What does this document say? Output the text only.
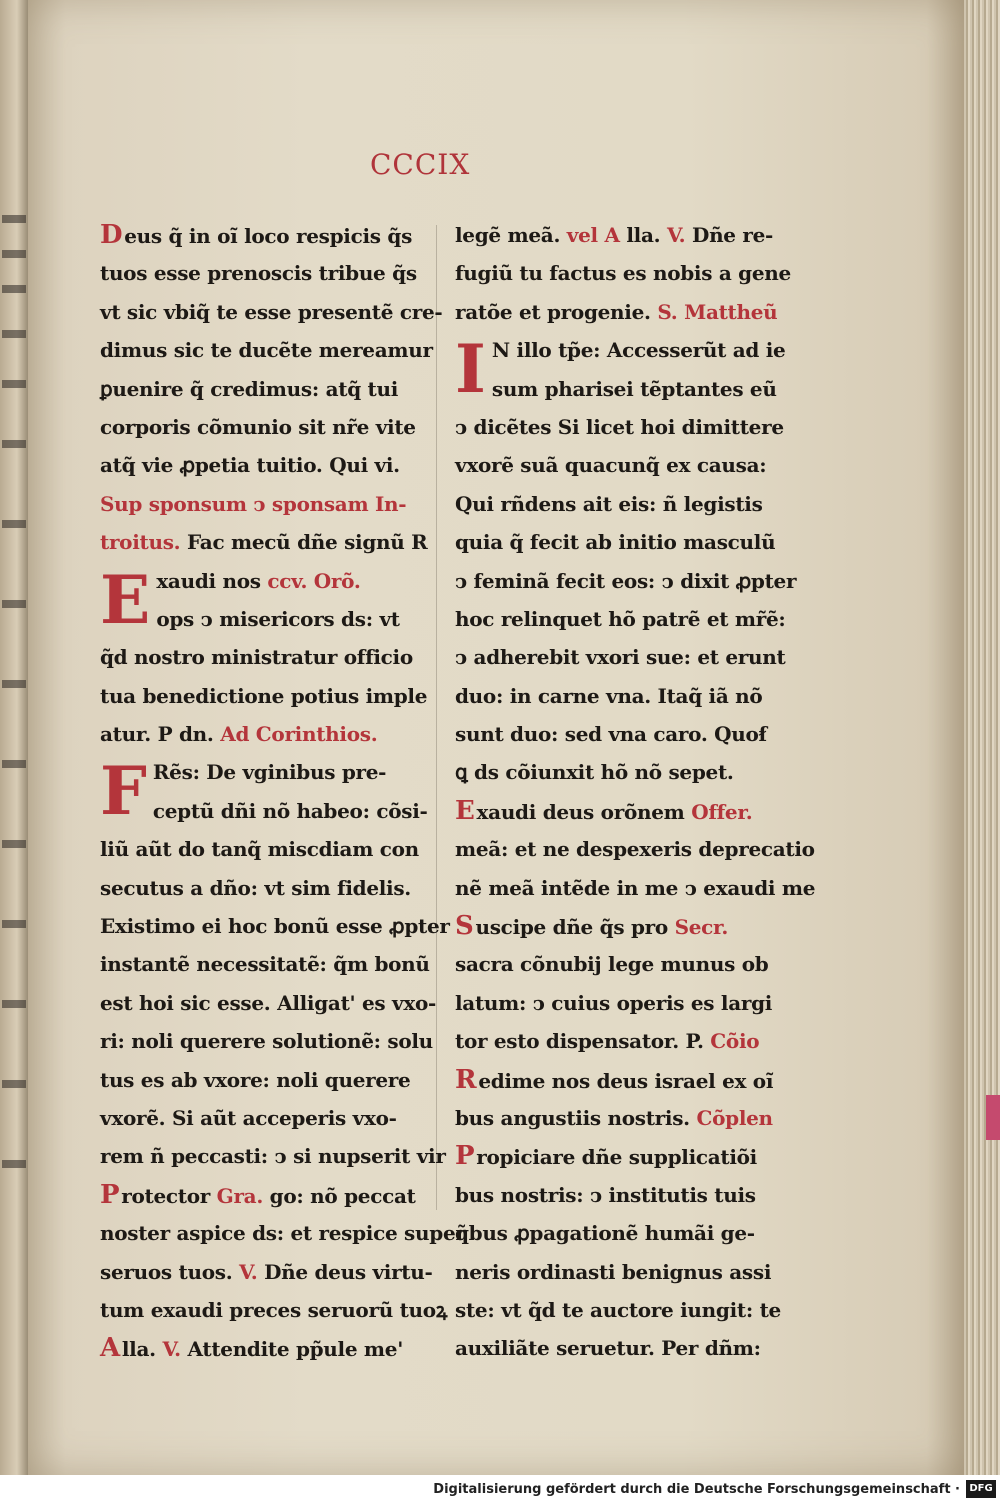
CCCIX
D eus q̃ in oĩ loco respicis q̃s
tuos esse prenoscis tribue q̃s
vt sic vbiq̃ te esse presentẽ cre-
dimus sic te ducẽte mereamur
ꝑuenire q̃ credimus: atq̃ tui
corporis cõmunio sit nr̃e vite
atq̃ vie ꝓpetia tuitio. Qui vi.
Sup sponsum ↄ sponsam In-
troitus. Fac mecũ dñe signũ R
E xaudi nos ccv. Orõ.
ops ↄ misericors ds: vt
q̃d nostro ministratur officio
tua benedictione potius imple
atur. P dn. Ad Corinthios.
F Rẽs: De vginibus pre-
ceptũ dñi nõ habeo: cõsi-
liũ aũt do tanq̃ miscdiam con
secutus a dño: vt sim fidelis.
Existimo ei hoc bonũ esse ꝓpter
instantẽ necessitatẽ: q̃m bonũ
est hoi sic esse. Alligat' es vxo-
ri: noli querere solutionẽ: solu
tus es ab vxore: noli querere
vxorẽ. Si aũt acceperis vxo-
rem ñ peccasti: ↄ si nupserit vir
P rotector Gra. go: nõ peccat
noster aspice ds: et respice super
seruos tuos. V. Dñe deus virtu-
tum exaudi preces seruorũ tuoꝝ
A lla. V. Attendite pp̃ule me'
legẽ meã. vel A lla. V. Dñe re-
fugiũ tu factus es nobis a gene
ratõe et progenie. S. Mattheũ
I N illo tp̃e: Accesserũt ad ie
sum pharisei tẽptantes eũ
ↄ dicẽtes Si licet hoi dimittere
vxorẽ suã quacunq̃ ex causa:
Qui rñdens ait eis: ñ legistis
quia q̃ fecit ab initio masculũ
ↄ feminã fecit eos: ↄ dixit ꝓpter
hoc relinquet hõ patrẽ et mr̃ẽ:
ↄ adherebit vxori sue: et erunt
duo: in carne vna. Itaq̃ iã nõ
sunt duo: sed vna caro. Quoẜ
ꝗ ds cõiunxit hõ nõ sepet.
E xaudi deus orõnem Offer.
meã: et ne despexeris deprecatio
nẽ meã intẽde in me ↄ exaudi me
S uscipe dñe q̃s pro Secr.
sacra cõnubij lege munus ob
latum: ↄ cuius operis es largi
tor esto dispensator. P. Cõio
R edime nos deus israel ex oĩ
bus angustiis nostris. Cõplen
P ropiciare dñe supplicatiõi
bus nostris: ↄ institutis tuis
q̃bus ꝓpagationẽ humãi ge-
neris ordinasti benignus assi
ste: vt q̃d te auctore iungit: te
auxiliãte seruetur. Per dñm:
Digitalisierung gefördert durch die Deutsche Forschungsgemeinschaft · DFG
